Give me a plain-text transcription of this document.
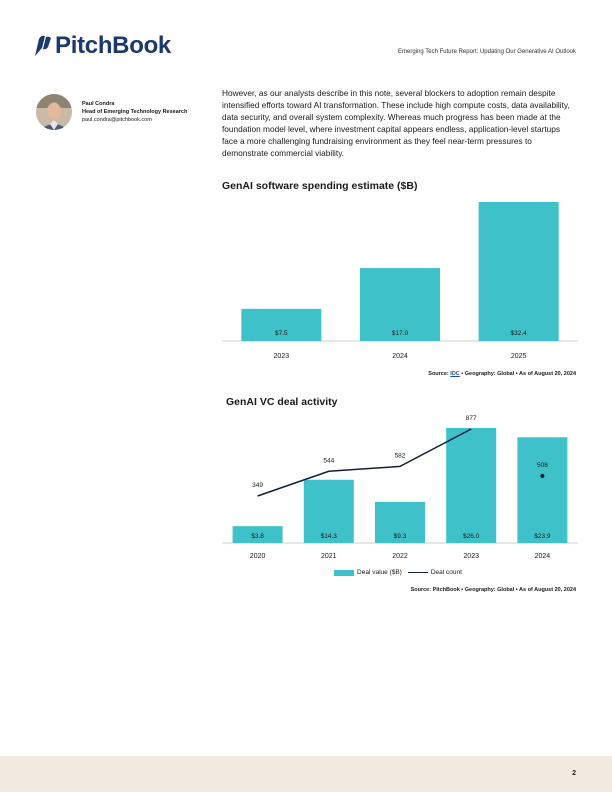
PitchBook	Emerging Tech Future Report: Updating Our Generative AI Outlook
Paul Condra
Head of Emerging Technology Research
paul.condra@pitchbook.com

However, as our analysts describe in this note, several blockers to adoption remain despite intensified efforts toward AI transformation. These include high compute costs, data availability, data security, and overall system complexity. Whereas much progress has been made at the foundation model level, where investment capital appears endless, application-level startups face a more challenging fundraising environment as they feel near-term pressures to demonstrate commercial viability.

GenAI software spending estimate ($B)
$7.5
2023
$17.0
2024
$32.4
2025
Source: IDC • Geography: Global • As of August 20, 2024
GenAI VC deal activity
$3.8
2020
$14.3
2021
$9.3
2022
$26.0
2023
$23.9
2024
349
544
582
877
508
Deal value ($B)	Deal count
Source: PitchBook • Geography: Global • As of August 20, 2024
2
